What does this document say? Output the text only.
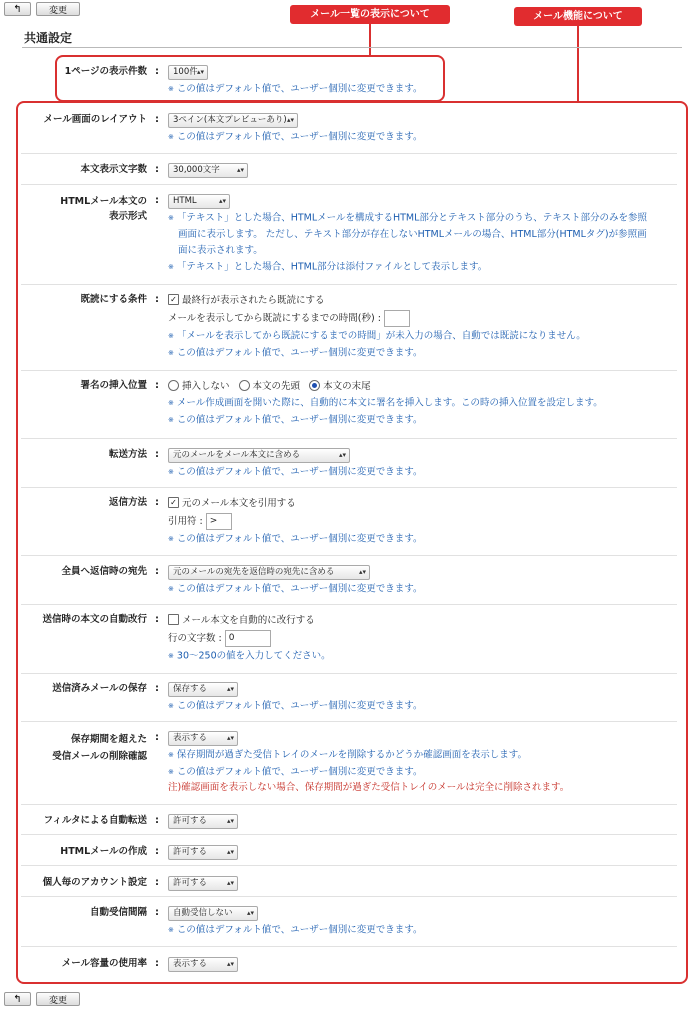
↰	変更	メール一覧の表示について	メール機能について
共通設定
1ページの表示件数 :	100件 ▴▾
※ この値はデフォルト値で、ユーザー個別に変更できます。
メール画面のレイアウト :	3ペイン(本文プレビューあり) ▴▾
※ この値はデフォルト値で、ユーザー個別に変更できます。
本文表示文字数 :	30,000文字 ▴▾
HTMLメール本文の
表示形式
:	HTML	▴▾
※ 「テキスト」とした場合、HTMLメールを構成するHTML部分とテキスト部分のうち、テキスト部分のみを参照
画面に表示します。 ただし、テキスト部分が存在しないHTMLメールの場合、HTML部分(HTMLタグ)が参照画
面に表示されます。
※ 「テキスト」とした場合、HTML部分は添付ファイルとして表示します。
既読にする条件 : ✓ 最終行が表示されたら既読にする
メールを表示してから既読にするまでの時間(秒) :
※ 「メールを表示してから既読にするまでの時間」が未入力の場合、自動では既読になりません。
※ この値はデフォルト値で、ユーザー個別に変更できます。
署名の挿入位置 :	挿入しない 本文の先頭 本文の末尾
※ メール作成画面を開いた際に、自動的に本文に署名を挿入します。この時の挿入位置を設定します。
※ この値はデフォルト値で、ユーザー個別に変更できます。
転送方法 :	元のメールをメール本文に含める	▴▾
※ この値はデフォルト値で、ユーザー個別に変更できます。
返信方法 : ✓ 元のメール本文を引用する
引用符 : >
※ この値はデフォルト値で、ユーザー個別に変更できます。
全員へ返信時の宛先 :	元のメールの宛先を返信時の宛先に含める	▴▾
※ この値はデフォルト値で、ユーザー個別に変更できます。
送信時の本文の自動改行 :	メール本文を自動的に改行する
行の文字数 : 0
※ 30～250の値を入力してください。
送信済みメールの保存 :	保存する	▴▾
※ この値はデフォルト値で、ユーザー個別に変更できます。
保存期間を超えた
受信メールの削除確認
:	表示する	▴▾
※ 保存期間が過ぎた受信トレイのメールを削除するかどうか確認画面を表示します。
※ この値はデフォルト値で、ユーザー個別に変更できます。
注)確認画面を表示しない場合、保存期間が過ぎた受信トレイのメールは完全に削除されます。
フィルタによる自動転送 :	許可する	▴▾
HTMLメールの作成 :	許可する	▴▾
個人毎のアカウント設定 :	許可する	▴▾
自動受信間隔 :	自動受信しない ▴▾
※ この値はデフォルト値で、ユーザー個別に変更できます。
メール容量の使用率 :	表示する	▴▾
↰	変更
